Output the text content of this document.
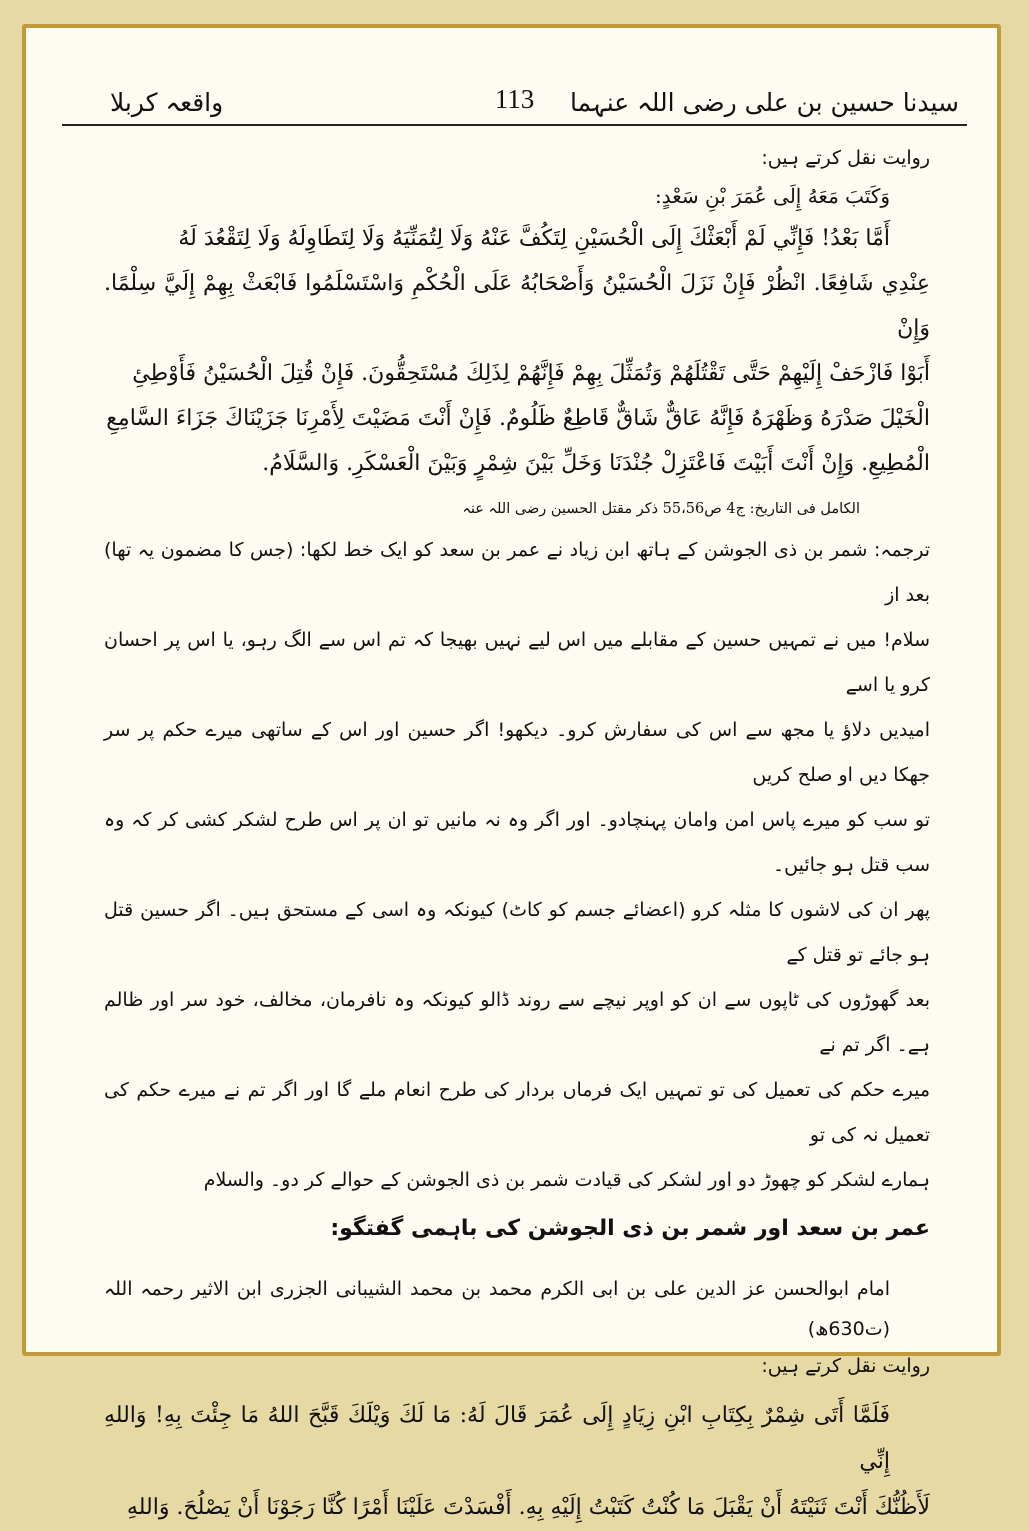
سیدنا حسین بن علی رضی اللہ عنہما
113
واقعہ کربلا

روایت نقل کرتے ہیں:

وَكَتَبَ مَعَهُ إِلَى عُمَرَ بْنِ سَعْدٍ:

أَمَّا بَعْدُ! فَإِنِّي لَمْ أَبْعَثْكَ إِلَى الْحُسَيْنِ لِتَكُفَّ عَنْهُ وَلَا لِتُمَنِّيَهُ وَلَا لِتَطَاوِلَهُ وَلَا لِتَقْعُدَ لَهُ
عِنْدِي شَافِعًا. انْظُرْ فَإِنْ نَزَلَ الْحُسَيْنُ وَأَصْحَابُهُ عَلَى الْحُكْمِ وَاسْتَسْلَمُوا فَابْعَثْ بِهِمْ إِلَيَّ سِلْمًا. وَإِنْ
أَبَوْا فَازْحَفْ إِلَيْهِمْ حَتَّى تَقْتُلَهُمْ وَتُمَثِّلَ بِهِمْ فَإِنَّهُمْ لِذَلِكَ مُسْتَحِقُّونَ. فَإِنْ قُتِلَ الْحُسَيْنُ فَأَوْطِئِ
الْخَيْلَ صَدْرَهُ وَظَهْرَهُ فَإِنَّهُ عَاقٌّ شَاقٌّ قَاطِعٌ ظَلُومٌ. فَإِنْ أَنْتَ مَضَيْتَ لِأَمْرِنَا جَزَيْنَاكَ جَزَاءَ السَّامِعِ
الْمُطِيعِ. وَإِنْ أَنْتَ أَبَيْتَ فَاعْتَزِلْ جُنْدَنَا وَخَلِّ بَيْنَ شِمْرٍ وَبَيْنَ الْعَسْكَرِ. وَالسَّلَامُ.

الکامل فی التاریخ: ج4 ص55،56 ذکر مقتل الحسین رضی اللہ عنہ

ترجمہ: شمر بن ذی الجوشن کے ہاتھ ابن زیاد نے عمر بن سعد کو ایک خط لکھا: (جس کا مضمون یہ تھا) بعد از
سلام! میں نے تمہیں حسین کے مقابلے میں اس لیے نہیں بھیجا کہ تم اس سے الگ رہو، یا اس پر احسان کرو یا اسے
امیدیں دلاؤ یا مجھ سے اس کی سفارش کرو۔ دیکھو! اگر حسین اور اس کے ساتھی میرے حکم پر سر جھکا دیں او صلح کریں
تو سب کو میرے پاس امن وامان پہنچادو۔ اور اگر وہ نہ مانیں تو ان پر اس طرح لشکر کشی کر کہ وہ سب قتل ہو جائیں۔
پھر ان کی لاشوں کا مثلہ کرو (اعضائے جسم کو کاٹ) کیونکہ وہ اسی کے مستحق ہیں۔ اگر حسین قتل ہو جائے تو قتل کے
بعد گھوڑوں کی ٹاپوں سے ان کو اوپر نیچے سے روند ڈالو کیونکہ وہ نافرمان، مخالف، خود سر اور ظالم ہے۔ اگر تم نے
میرے حکم کی تعمیل کی تو تمہیں ایک فرماں بردار کی طرح انعام ملے گا اور اگر تم نے میرے حکم کی تعمیل نہ کی تو
ہمارے لشکر کو چھوڑ دو اور لشکر کی قیادت شمر بن ذی الجوشن کے حوالے کر دو۔ والسلام

عمر بن سعد اور شمر بن ذی الجوشن کی باہمی گفتگو:

امام ابوالحسن عز الدین علی بن ابی الکرم محمد بن محمد الشیبانی الجزری ابن الاثیر رحمہ اللہ (ت630ھ)

روایت نقل کرتے ہیں:

فَلَمَّا أَتَى شِمْرٌ بِكِتَابِ ابْنِ زِيَادٍ إِلَى عُمَرَ قَالَ لَهُ: مَا لَكَ وَيْلَكَ قَبَّحَ اللهُ مَا جِئْتَ بِهِ! وَاللهِ إِنِّي
لَأَظُنُّكَ أَنْتَ ثَنَيْتَهُ أَنْ يَقْبَلَ مَا كُنْتُ كَتَبْتُ إِلَيْهِ بِهِ. أَفْسَدْتَ عَلَيْنَا أَمْرًا كُنَّا رَجَوْنَا أَنْ يَصْلُحَ. وَاللهِ
